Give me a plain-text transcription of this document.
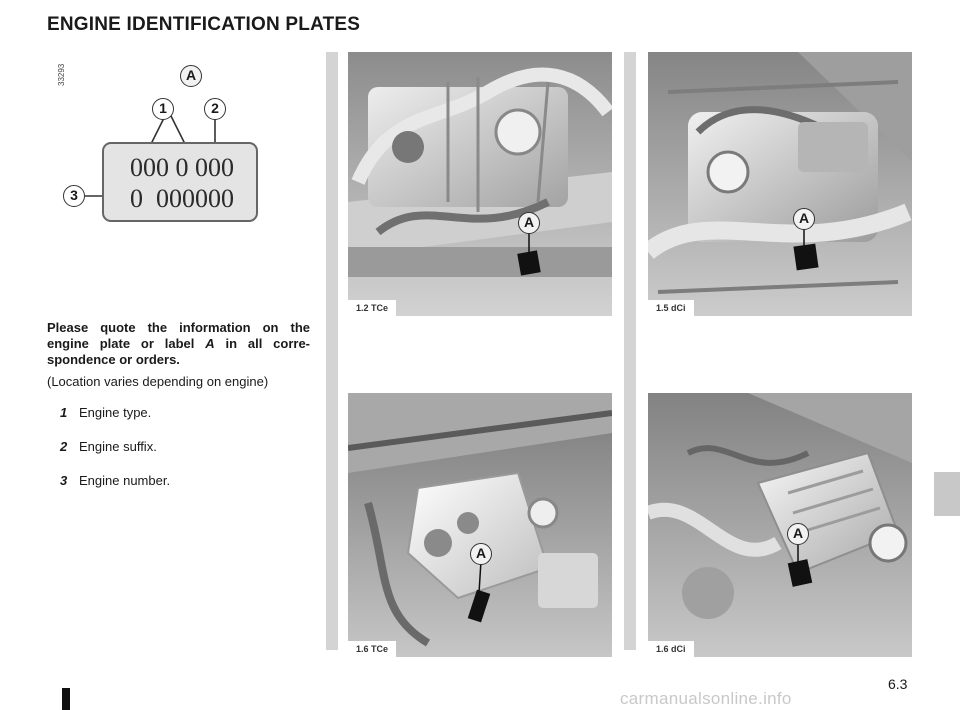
ENGINE IDENTIFICATION PLATES
33293	A
1	2
3
000 0 000
0  000000
A
1.2 TCe
A
1.5 dCi
A
1.6 TCe
A
1.6 dCi

Please quote the information on the engine plate or label A in all corre-spondence or orders.

(Location varies depending on engine)

1 Engine type.
2 Engine suffix.
3 Engine number.

6.3

carmanualsonline.info
